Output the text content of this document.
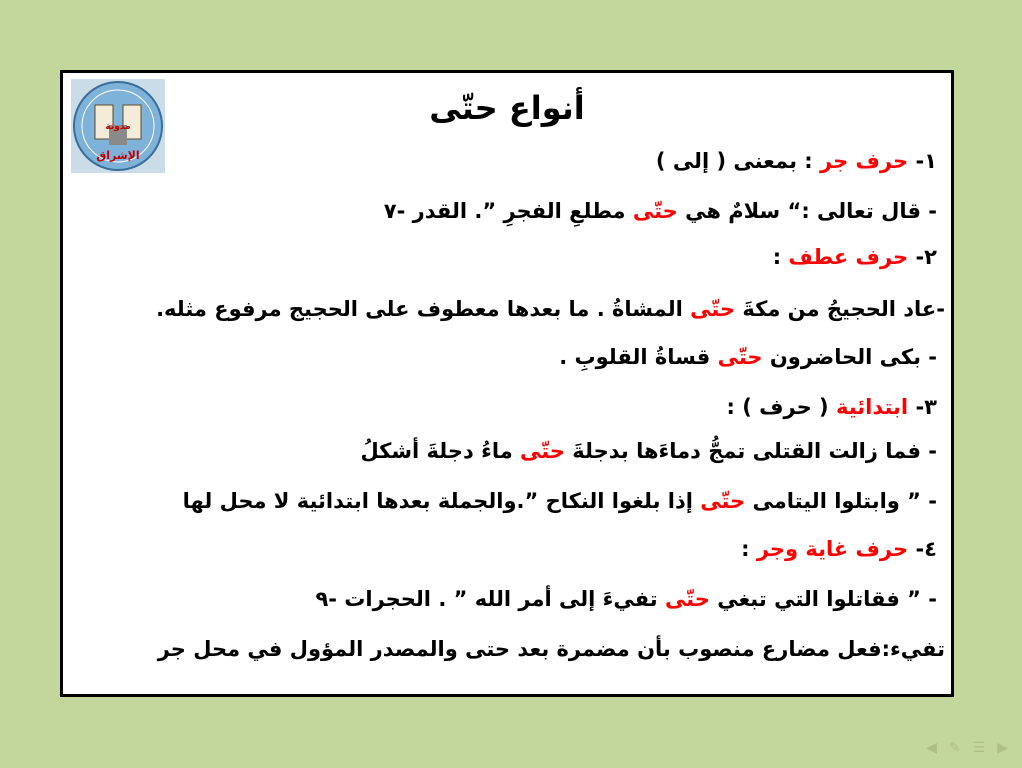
مدونة
الإشراق
أنواع حتّى
١- حرف جر : بمعنى ( إلى )
- قال تعالى :“ سلامٌ هي حتّى مطلعِ الفجرِ ”. القدر -٧
٢- حرف عطف :
-عاد الحجيجُ من مكةَ حتّى المشاةُ . ما بعدها معطوف على الحجيج مرفوع مثله.
- بكى الحاضرون حتّى قساةُ القلوبِ .
٣- ابتدائية ( حرف ) :
- فما زالت القتلى تمجُّ دماءَها بدجلةَ حتّى ماءُ دجلةَ أشكلُ
- ” وابتلوا اليتامى حتّى إذا بلغوا النكاح ”.والجملة بعدها ابتدائية لا محل لها
٤- حرف غاية وجر :
- ” فقاتلوا التي تبغي حتّى تفيءَ إلى أمر الله ” . الحجرات -٩
تفيء:فعل مضارع منصوب بأن مضمرة بعد حتى والمصدر المؤول في محل جر
◀ ✎ ☰ ▶
